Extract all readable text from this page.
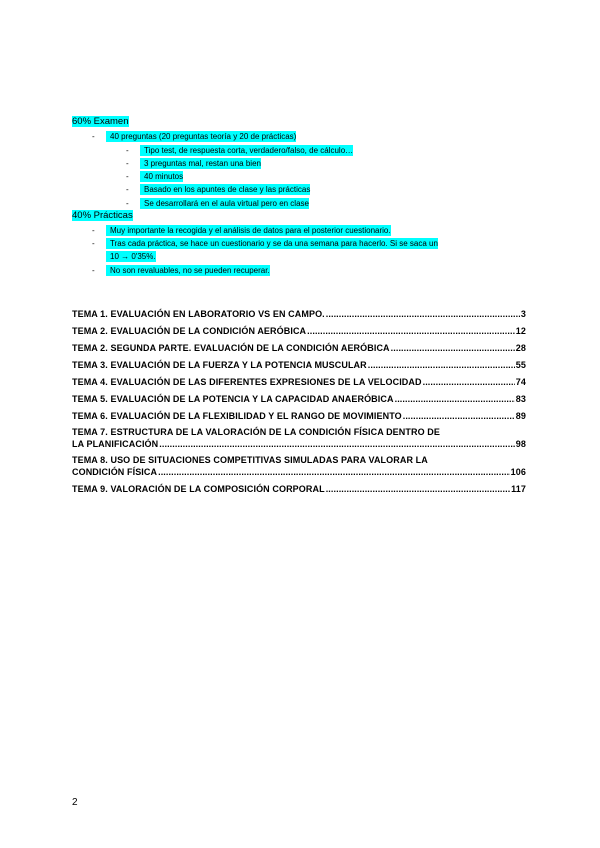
60% Examen
-	40 preguntas (20 preguntas teoría y 20 de prácticas)
-	Tipo test, de respuesta corta, verdadero/falso, de cálculo…
-	3 preguntas mal, restan una bien
-	40 minutos
-	Basado en los apuntes de clase y las prácticas
-	Se desarrollará en el aula virtual pero en clase
40% Prácticas
-	Muy importante la recogida y el análisis de datos para el posterior cuestionario.
-	Tras cada práctica, se hace un cuestionario y se da una semana para hacerlo. Si se saca un
10 → 0'35%.
-	No son revaluables, no se pueden recuperar.
TEMA 1. EVALUACIÓN EN LABORATORIO VS EN CAMPO. .....	3
TEMA 2. EVALUACIÓN DE LA CONDICIÓN AERÓBICA .....	12
TEMA 2. SEGUNDA PARTE. EVALUACIÓN DE LA CONDICIÓN AERÓBICA .....	28
TEMA 3. EVALUACIÓN DE LA FUERZA Y LA POTENCIA MUSCULAR .....	55
TEMA 4. EVALUACIÓN DE LAS DIFERENTES EXPRESIONES DE LA VELOCIDAD .....	74
TEMA 5. EVALUACIÓN DE LA POTENCIA Y LA CAPACIDAD ANAERÓBICA .....	83
TEMA 6. EVALUACIÓN DE LA FLEXIBILIDAD Y EL RANGO DE MOVIMIENTO .....	89
TEMA 7. ESTRUCTURA DE LA VALORACIÓN DE LA CONDICIÓN FÍSICA DENTRO DE
LA PLANIFICACIÓN .....	98
TEMA 8. USO DE SITUACIONES COMPETITIVAS SIMULADAS PARA VALORAR LA
CONDICIÓN FÍSICA .....	106
TEMA 9. VALORACIÓN DE LA COMPOSICIÓN CORPORAL .....	117
2
